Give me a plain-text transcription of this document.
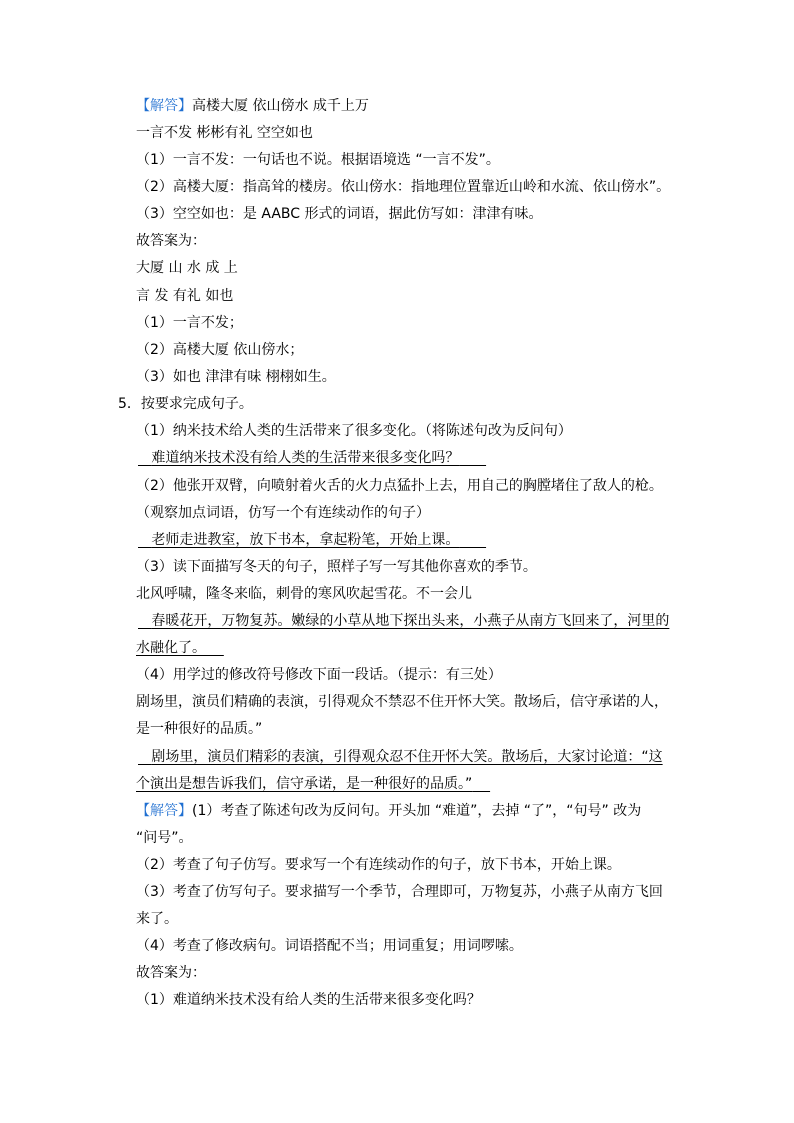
【解答】高楼大厦 依山傍水 成千上万
一言不发 彬彬有礼 空空如也
（1）一言不发：一句话也不说。根据语境选 “一言不发”。
（2）高楼大厦：指高耸的楼房。依山傍水：指地理位置靠近山岭和水流、依山傍水”。
（3）空空如也：是 AABC 形式的词语，据此仿写如：津津有味。
故答案为：
大厦 山 水 成 上
言 发 有礼 如也
（1）一言不发；
（2）高楼大厦 依山傍水；
（3）如也 津津有味 栩栩如生。
5．按要求完成句子。
（1）纳米技术给人类的生活带来了很多变化。（将陈述句改为反问句）
难道纳米技术没有给人类的生活带来很多变化吗？
（2）他张开双臂，向喷射着火舌的火力点猛扑上去，用自己的胸膛堵住了敌人的枪。
（观察加点词语，仿写一个有连续动作的句子）
老师走进教室，放下书本，拿起粉笔，开始上课。
（3）读下面描写冬天的句子，照样子写一写其他你喜欢的季节。
北风呼啸，隆冬来临，刺骨的寒风吹起雪花。不一会儿
春暖花开，万物复苏。嫩绿的小草从地下探出头来，小燕子从南方飞回来了，河里的
水融化了。
（4）用学过的修改符号修改下面一段话。（提示：有三处）
剧场里，演员们精确的表演，引得观众不禁忍不住开怀大笑。散场后，信守承诺的人，
是一种很好的品质。”
剧场里，演员们精彩的表演，引得观众忍不住开怀大笑。散场后，大家讨论道：“这
个演出是想告诉我们，信守承诺，是一种很好的品质。”
【解答】(1）考查了陈述句改为反问句。开头加 “难道”，去掉 “了”，“句号” 改为
“问号”。
（2）考查了句子仿写。要求写一个有连续动作的句子，放下书本，开始上课。
（3）考查了仿写句子。要求描写一个季节，合理即可，万物复苏，小燕子从南方飞回
来了。
（4）考查了修改病句。词语搭配不当；用词重复；用词啰嗦。
故答案为：
（1）难道纳米技术没有给人类的生活带来很多变化吗？
